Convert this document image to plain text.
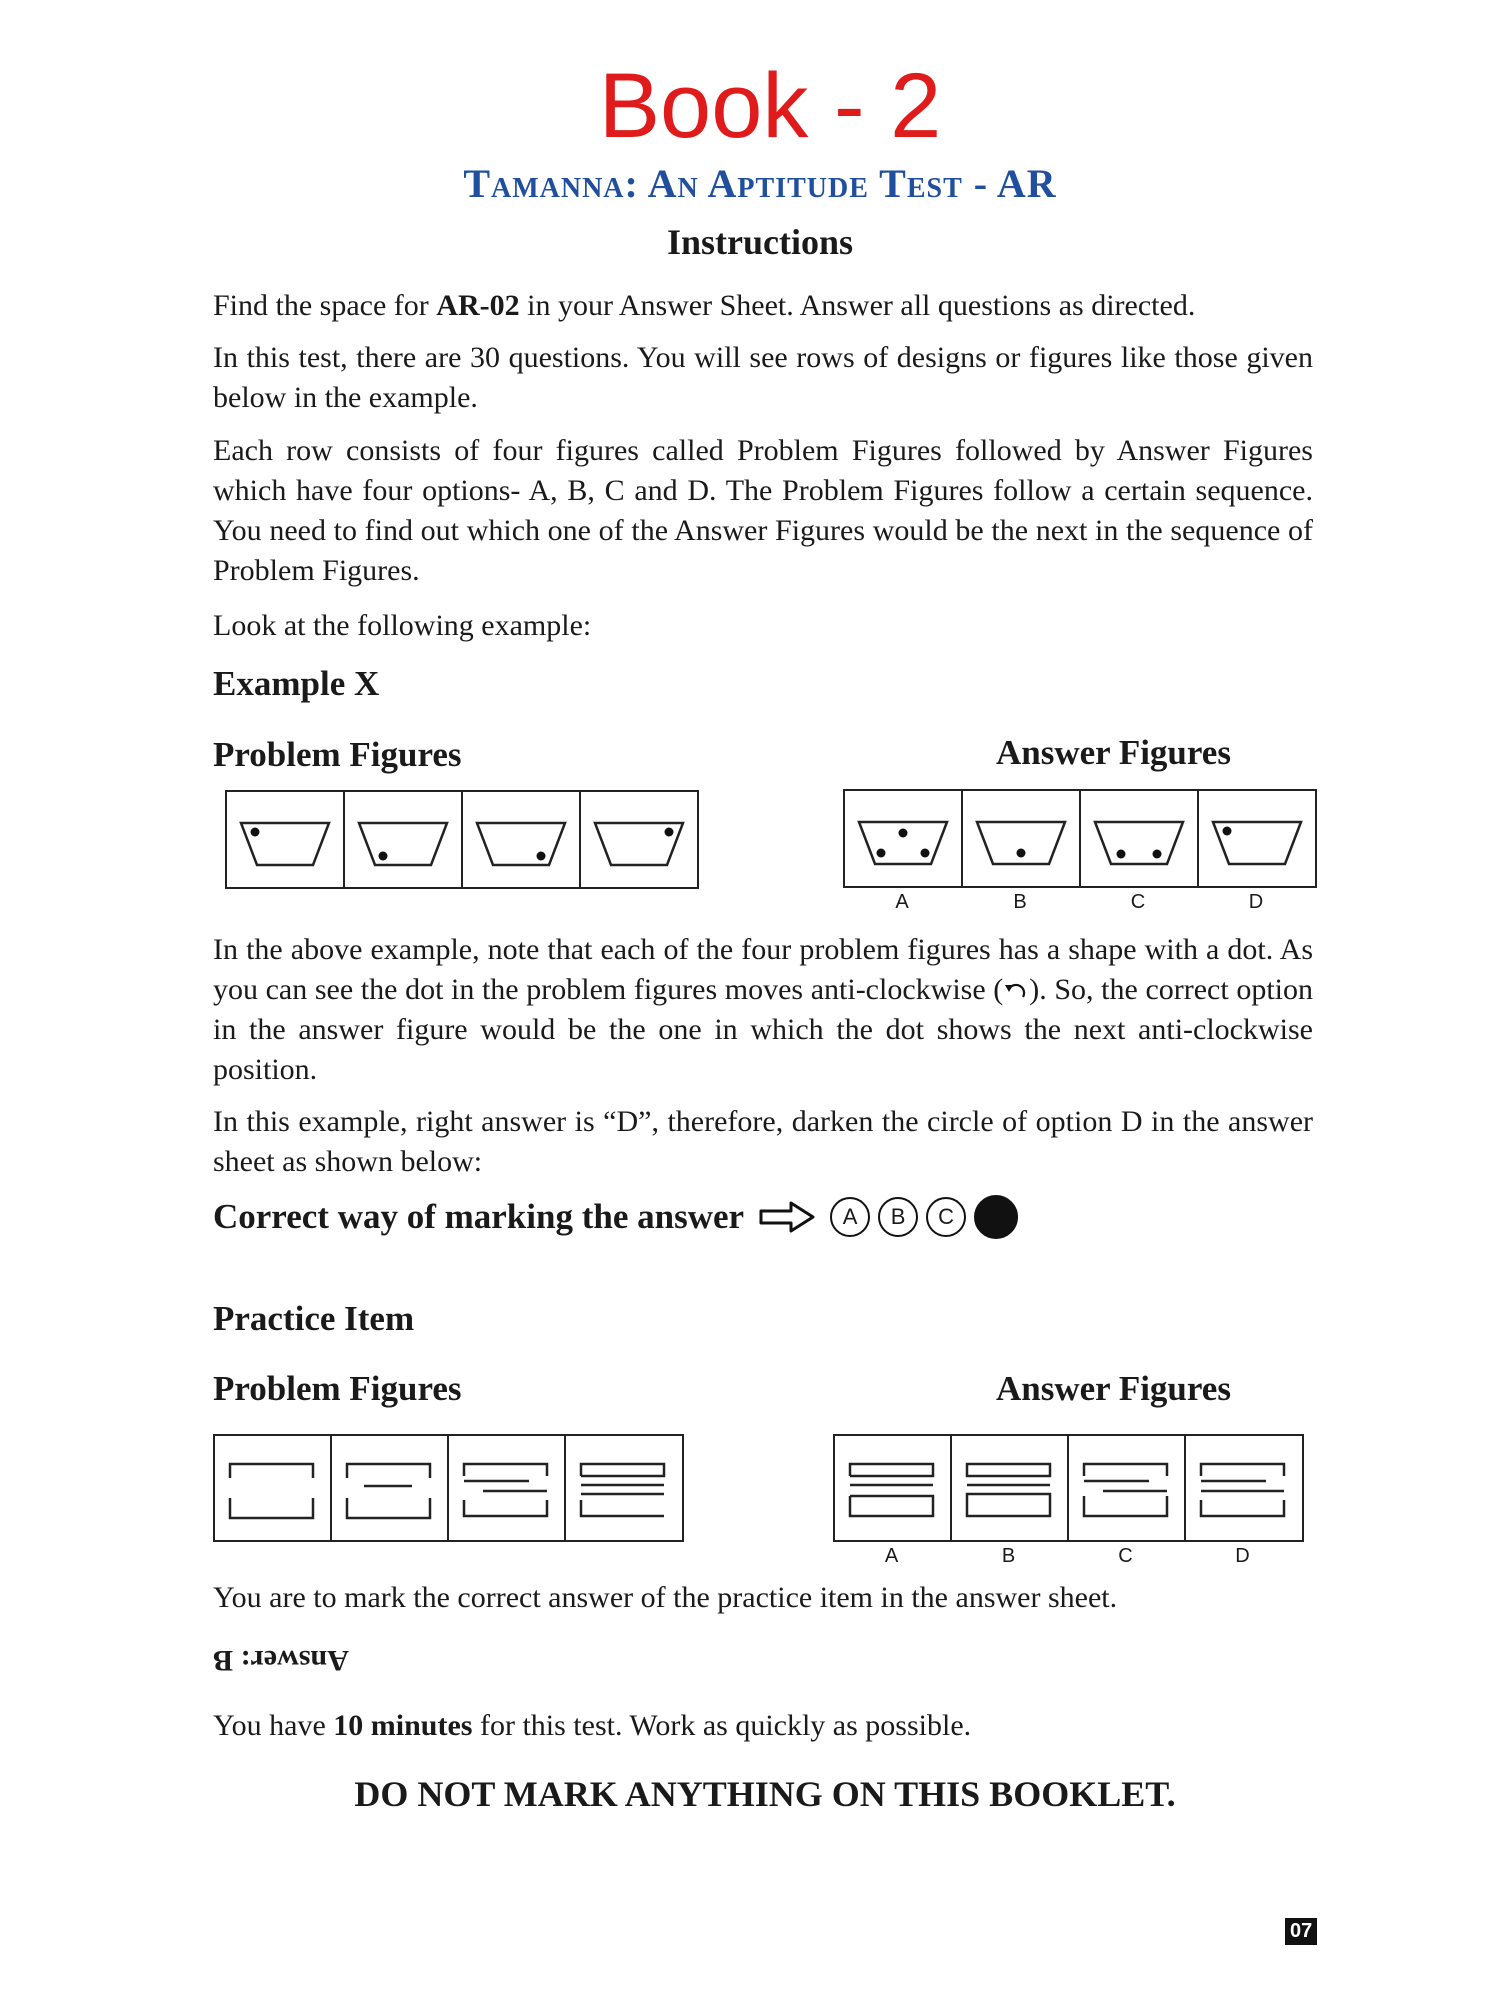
Book - 2
Tamanna: An Aptitude Test - AR
Instructions
Find the space for AR-02 in your Answer Sheet. Answer all questions as directed.
In this test, there are 30 questions. You will see rows of designs or figures like those given below in the example.
Each row consists of four figures called Problem Figures followed by Answer Figures which have four options- A, B, C and D. The Problem Figures follow a certain sequence. You need to find out which one of the Answer Figures would be the next in the sequence of Problem Figures.
Look at the following example:
Example X
Problem Figures	Answer Figures
A	B	C	D
In the above example, note that each of the four problem figures has a shape with a dot. As you can see the dot in the problem figures moves anti-clockwise ( ). So, the correct option in the answer figure would be the one in which the dot shows the next anti-clockwise position.
In this example, right answer is “D”, therefore, darken the circle of option D in the answer sheet as shown below:
Correct way of marking the answer	A	B	C
Practice Item
Problem Figures	Answer Figures
A	B	C	D
You are to mark the correct answer of the practice item in the answer sheet.
Answer: B
You have 10 minutes for this test. Work as quickly as possible.
DO NOT MARK ANYTHING ON THIS BOOKLET.
07
